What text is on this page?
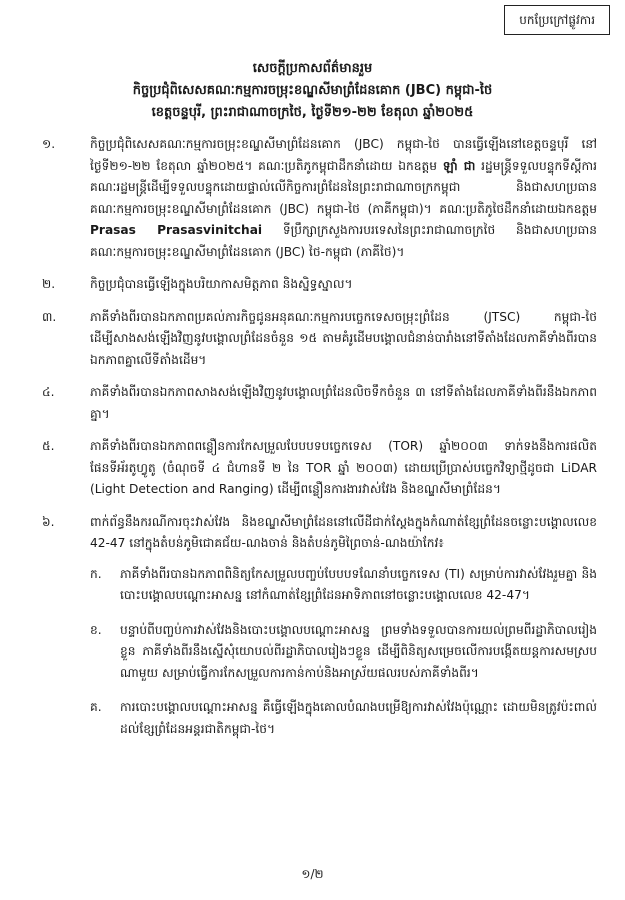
បកប្រែក្រៅផ្លូវការ
សេចក្តីប្រកាសព័ត៌មានរួម
កិច្ចប្រជុំពិសេសគណៈកម្មការចម្រុះខណ្ឌសីមាព្រំដែនគោក (JBC) កម្ពុជា-ថៃ
ខេត្តចន្ទបុរី, ព្រះរាជាណាចក្រថៃ, ថ្ងៃទី២១-២២ ខែតុលា ឆ្នាំ២០២៥
១.	កិច្ចប្រជុំពិសេសគណៈកម្មការចម្រុះខណ្ឌសីមាព្រំដែនគោក (JBC) កម្ពុជា-ថៃ បានធ្វើឡើងនៅខេត្តចន្ទបុរី នៅថ្ងៃទី២១-២២ ខែតុលា ឆ្នាំ២០២៥។ គណៈប្រតិភូកម្ពុជាដឹកនាំដោយ ឯកឧត្តម ឡាំ ជា រដ្ឋមន្ត្រីទទួលបន្ទុកទីស្តីការគណៈរដ្ឋមន្ត្រីដើម្បីទទួលបន្ទុកដោយផ្ទាល់លើកិច្ចការព្រំដែននៃព្រះរាជាណាចក្រកម្ពុជា និងជាសហប្រធានគណៈកម្មការចម្រុះខណ្ឌសីមាព្រំដែនគោក (JBC) កម្ពុជា-ថៃ (ភាគីកម្ពុជា)។ គណៈប្រតិភូថៃដឹកនាំដោយឯកឧត្តម Prasas Prasasvinitchai ទីប្រឹក្សាក្រសួងការបរទេសនៃព្រះរាជាណាចក្រថៃ និងជាសហប្រធានគណៈកម្មការចម្រុះខណ្ឌសីមាព្រំដែនគោក (JBC) ថៃ-កម្ពុជា (ភាគីថៃ)។
២.	កិច្ចប្រជុំបានធ្វើឡើងក្នុងបរិយាកាសមិត្តភាព និងស្និទ្ធស្នាល។
៣.	ភាគីទាំងពីរបានឯកភាពប្រគល់ភារកិច្ចជូនអនុគណៈកម្មការបច្ចេកទេសចម្រុះព្រំដែន (JTSC) កម្ពុជា-ថៃ ដើម្បីសាងសង់ឡើងវិញនូវបង្គោលព្រំដែនចំនួន ១៥ តាមគំរូដើមបង្គោលជំនាន់បារាំងនៅទីតាំងដែលភាគីទាំងពីរបានឯកភាពគ្នាលើទីតាំងដើម។
៤.	ភាគីទាំងពីរបានឯកភាពសាងសង់ឡើងវិញនូវបង្គោលព្រំដែនលិចទឹកចំនួន ៣ នៅទីតាំងដែលភាគីទាំងពីរនឹងឯកភាពគ្នា។
៥.	ភាគីទាំងពីរបានឯកភាពពន្លឿនការកែសម្រួលបែបបទបច្ចេកទេស (TOR) ឆ្នាំ២០០៣ ទាក់ទងនឹងការផលិតផែនទីអ័រតូហ្វូតូ (ចំណុចទី ៤ ជំហានទី ២ នៃ TOR ឆ្នាំ ២០០៣) ដោយប្រើប្រាស់បច្ចេកវិទ្យាថ្មីដូចជា LiDAR (Light Detection and Ranging) ដើម្បីពន្លឿនការងារវាស់វែង និងខណ្ឌសីមាព្រំដែន។
៦.	ពាក់ព័ន្ធនឹងករណីការចុះវាស់វែង និងខណ្ឌសីមាព្រំដែននៅលើដីជាក់ស្តែងក្នុងកំណាត់ខ្សែព្រំដែនចន្លោះបង្គោលលេខ 42-47 នៅក្នុងតំបន់ភូមិជោគជ័យ-ណងចាន់ និងតំបន់ភូមិព្រៃចាន់-ណងយ៉ាកែវ៖
ក.	ភាគីទាំងពីរបានឯកភាពពិនិត្យកែសម្រួលបញ្ចប់បែបបទណែនាំបច្ចេកទេស (TI) សម្រាប់ការវាស់វែងរួមគ្នា និងបោះបង្គោលបណ្តោះអាសន្ន នៅកំណាត់ខ្សែព្រំដែនអាទិភាពនៅចន្លោះបង្គោលលេខ 42-47។
ខ.	បន្ទាប់ពីបញ្ចប់ការវាស់វែងនិងបោះបង្គោលបណ្តោះអាសន្ន ព្រមទាំងទទួលបានការយល់ព្រមពីរដ្ឋាភិបាលរៀងខ្លួន ភាគីទាំងពីរនឹងស្នើសុំយោបល់ពីរដ្ឋាភិបាលរៀងៗខ្លួន ដើម្បីពិនិត្យសម្រេចលើការបង្កើតយន្តការសមស្របណាមួយ សម្រាប់ធ្វើការកែសម្រួលការកាន់កាប់និងអាស្រ័យផលរបស់ភាគីទាំងពីរ។
គ.	ការបោះបង្គោលបណ្តោះអាសន្ន គឺធ្វើឡើងក្នុងគោលបំណងបម្រើឱ្យការវាស់វែងប៉ុណ្ណោះ ដោយមិនត្រូវប៉ះពាល់ដល់ខ្សែព្រំដែនអន្តរជាតិកម្ពុជា-ថៃ។
១/២
